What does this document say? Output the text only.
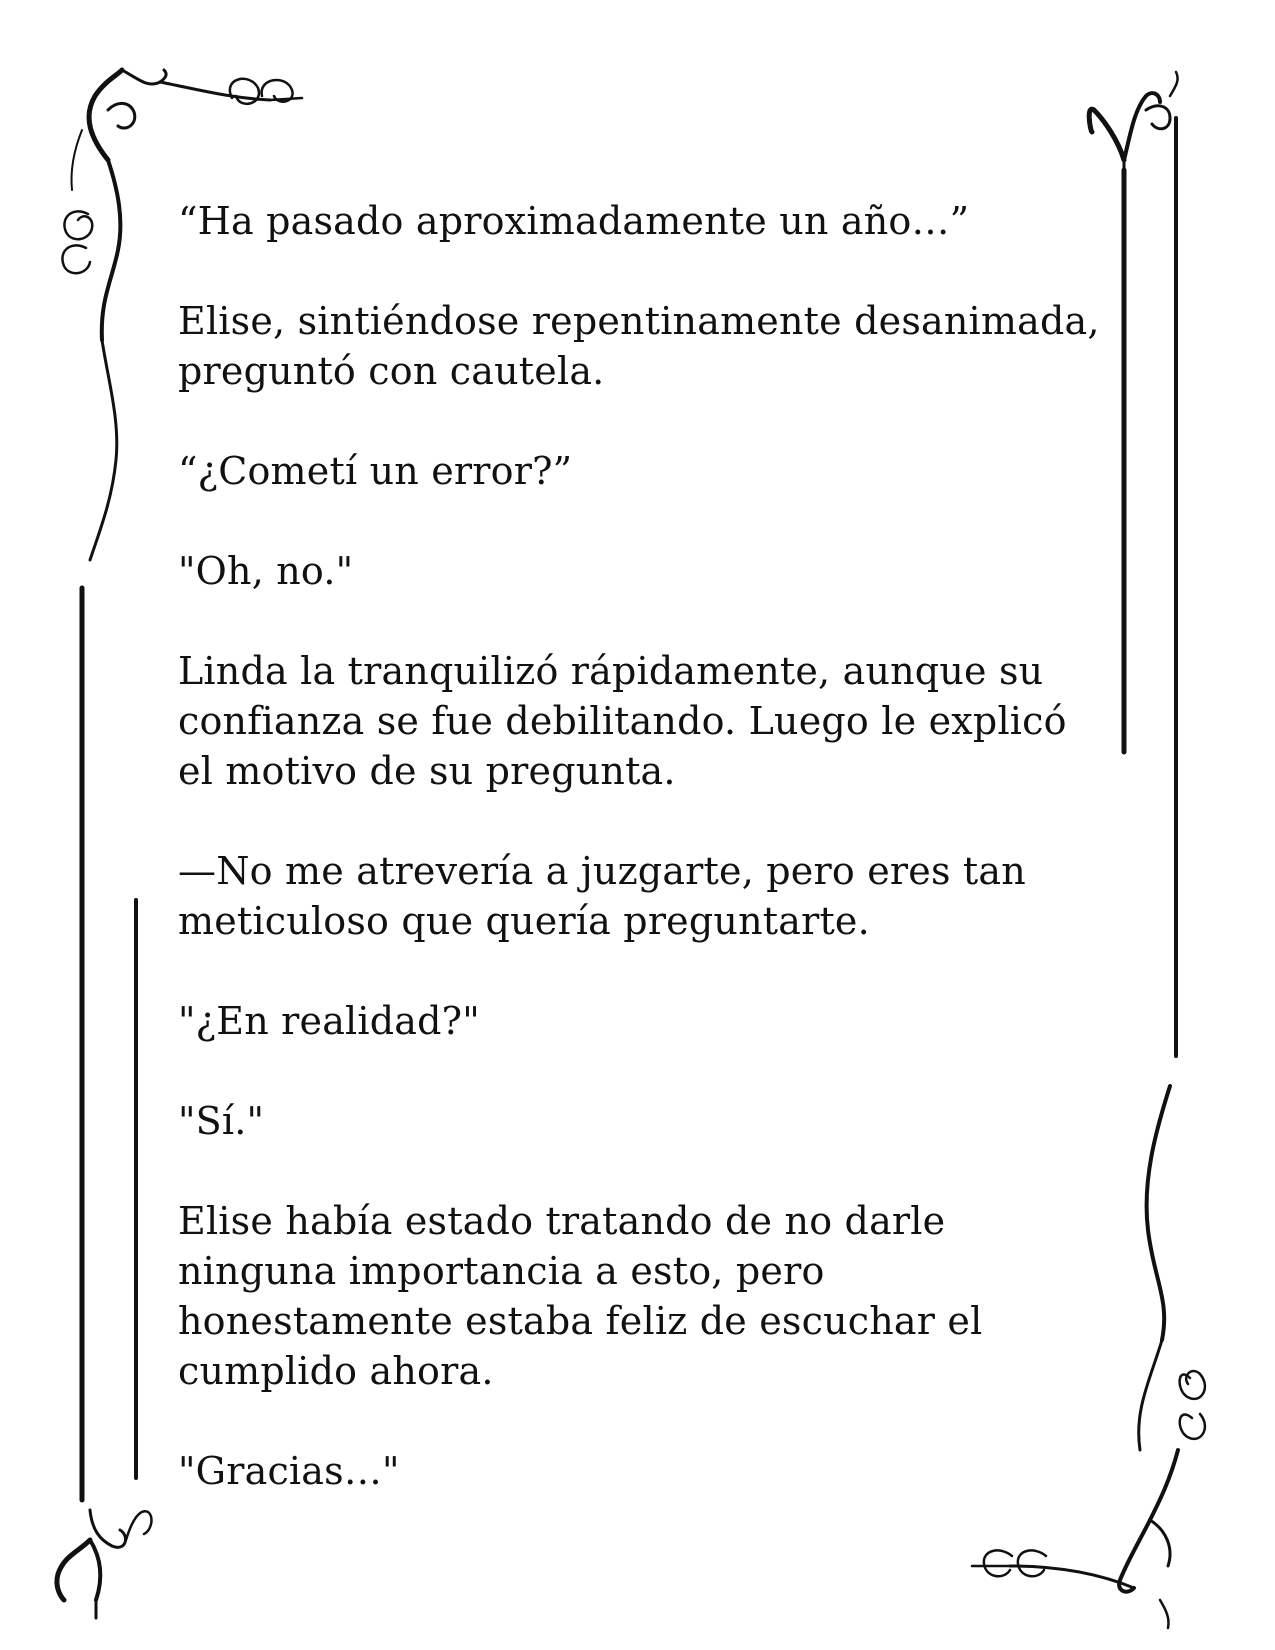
“Ha pasado aproximadamente un año…”

Elise, sintiéndose repentinamente desanimada, preguntó con cautela.

“¿Cometí un error?”

"Oh, no."

Linda la tranquilizó rápidamente, aunque su confianza se fue debilitando. Luego le explicó el motivo de su pregunta.

—No me atrevería a juzgarte, pero eres tan meticuloso que quería preguntarte.

"¿En realidad?"

"Sí."

Elise había estado tratando de no darle ninguna importancia a esto, pero honestamente estaba feliz de escuchar el cumplido ahora.

"Gracias…"
